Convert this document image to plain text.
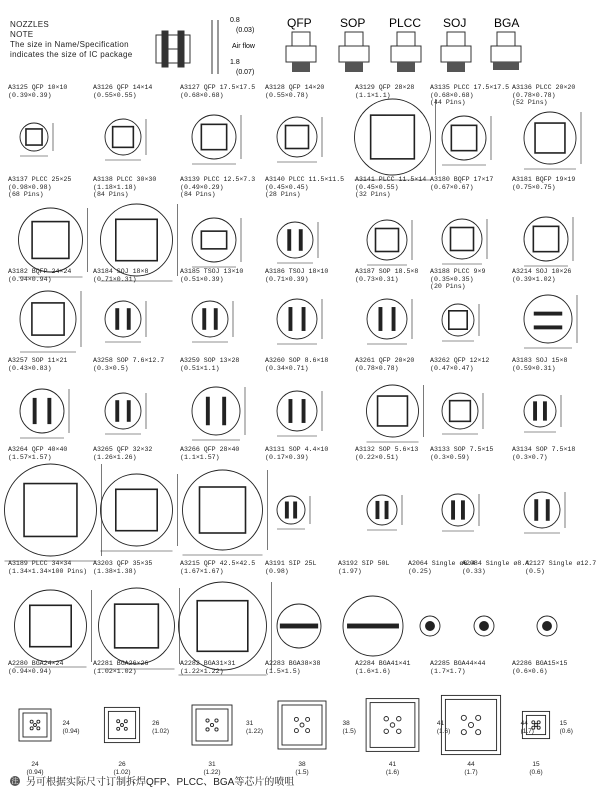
NOZZLES
NOTE
The size in Name/Specification
indicates the size of IC package
0.8
(0.03)
Air flow
1.8
(0.07)
QFP SOP PLCC SOJ BGA
A3125 QFP 10×10
(0.39×0.39)
A3126 QFP 14×14
(0.55×0.55)
A3127 QFP 17.5×17.5
(0.68×0.68)
A3128 QFP 14×20
(0.55×0.78)
A3129 QFP 28×28
(1.1×1.1)
A3135 PLCC 17.5×17.5
(0.68×0.68)
(44 Pins)
A3136 PLCC 20×20
(0.78×0.78)
(52 Pins)
A3137 PLCC 25×25
(0.98×0.98)
(68 Pins)
A3138 PLCC 30×30
(1.18×1.18)
(84 Pins)
A3139 PLCC 12.5×7.3
(0.49×0.29)
(84 Pins)
A3140 PLCC 11.5×11.5
(0.45×0.45)
(28 Pins)
A3141 PLCC 11.5×14
(0.45×0.55)
(32 Pins)
A3180 BQFP 17×17
(0.67×0.67)
A3181 BQFP 19×19
(0.75×0.75)
A3182 BQFP 24×24
(0.94×0.94)
A3184 SOJ 18×8
(0.71×0.31)
A3185 TSOJ 13×10
(0.51×0.39)
A3186 TSOJ 18×10
(0.71×0.39)
A3187 SOP 18.5×8
(0.73×0.31)
A3188 PLCC 9×9
(0.35×0.35)
(20 Pins)
A3214 SOJ 10×26
(0.39×1.02)
A3257 SOP 11×21
(0.43×0.83)
A3258 SOP 7.6×12.7
(0.3×0.5)
A3259 SOP 13×28
(0.51×1.1)
A3260 SOP 8.6×18
(0.34×0.71)
A3261 QFP 20×20
(0.78×0.78)
A3262 QFP 12×12
(0.47×0.47)
A3183 SOJ 15×8
(0.59×0.31)
A3264 QFP 40×40
(1.57×1.57)
A3265 QFP 32×32
(1.26×1.26)
A3266 QFP 28×40
(1.1×1.57)
A3131 SOP 4.4×10
(0.17×0.39)
A3132 SOP 5.6×13
(0.22×0.51)
A3133 SOP 7.5×15
(0.3×0.59)
A3134 SOP 7.5×18
(0.3×0.7)
A3189 PLCC 34×34
(1.34×1.34×100 Pins)
A3203 QFP 35×35
(1.38×1.38)
A3215 QFP 42.5×42.5
(1.67×1.67)
A3191 SIP 25L
(0.98)
A3192 SIP 50L
(1.97)
A2064 Single ø6.4
(0.25)
A2084 Single ø8.4
(0.33)
A2127 Single ø12.7
(0.5)
A2280 BGA24×24
(0.94×0.94)
24
(0.94)
24
(0.94)
A2281 BGA26×26
(1.02×1.02)
26
(1.02)
26
(1.02)
A2282 BGA31×31
(1.22×1.22)
31
(1.22)
31
(1.22)
A2283 BGA38×38
(1.5×1.5)
38
(1.5)
38
(1.5)
A2284 BGA41×41
(1.6×1.6)
41
(1.6)
41
(1.6)
A2285 BGA44×44
(1.7×1.7)
44
(1.7)
44
(1.7)
A2286 BGA15×15
(0.6×0.6)
15
(0.6)
15
(0.6)
注 另可根据实际尺寸订制拆焊QFP、PLCC、BGA等芯片的喷咀
